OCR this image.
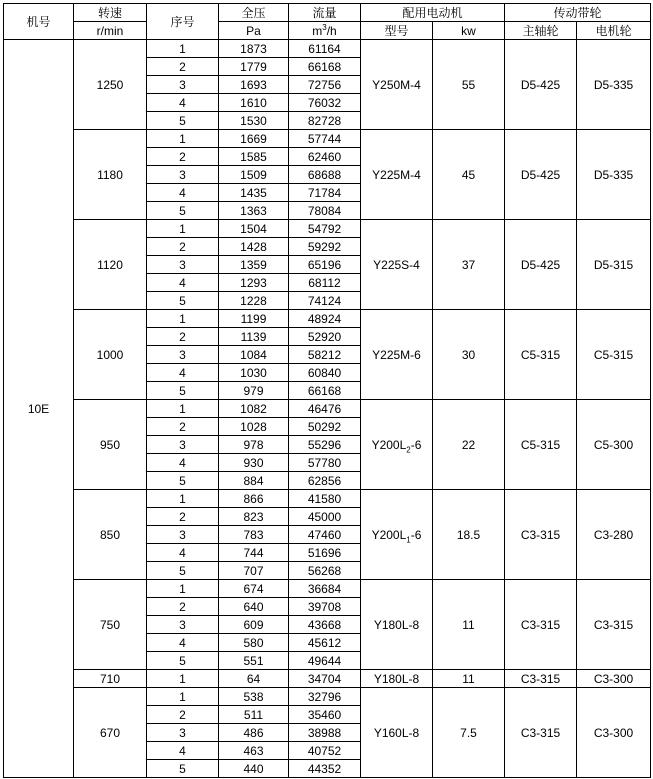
机号	转速	序号	全压	流量	配用电动机		传动带轮	
	r/min		Pa	$m^3/h$	型号	kw	主轴轮	电机轮
10E	1250	1	1873	61164	Y250M-4	55	D5-425	D5-335
		2	1779	66168				
		3	1693	72756				
		4	1610	76032				
		5	1530	82728				
	1180	1	1669	57744	Y225M-4	45	D5-425	D5-335
		2	1585	62460				
		3	1509	68688				
		4	1435	71784				
		5	1363	78084				
	1120	1	1504	54792	Y225S-4	37	D5-425	D5-315
		2	1428	59292				
		3	1359	65196				
		4	1293	68112				
		5	1228	74124				
	1000	1	1199	48924	Y225M-6	30	C5-315	C5-315
		2	1139	52920				
		3	1084	58212				
		4	1030	60840				
		5	979	66168				
	950	1	1082	46476	$Y200L_2-6$	22	C5-315	C5-300
		2	1028	50292				
		3	978	55296				
		4	930	57780				
		5	884	62856				
	850	1	866	41580	$Y200L_1-6$	18.5	C3-315	C3-280
		2	823	45000				
		3	783	47460				
		4	744	51696				
		5	707	56268				
	750	1	674	36684	Y180L-8	11	C3-315	C3-315
		2	640	39708				
		3	609	43668				
		4	580	45612				
		5	551	49644				
	710	1	64	34704	Y180L-8	11	C3-315	C3-300
	670	1	538	32796	Y160L-8	7.5	C3-315	C3-300
		2	511	35460				
		3	486	38988				
		4	463	40752				
		5	440	44352				
